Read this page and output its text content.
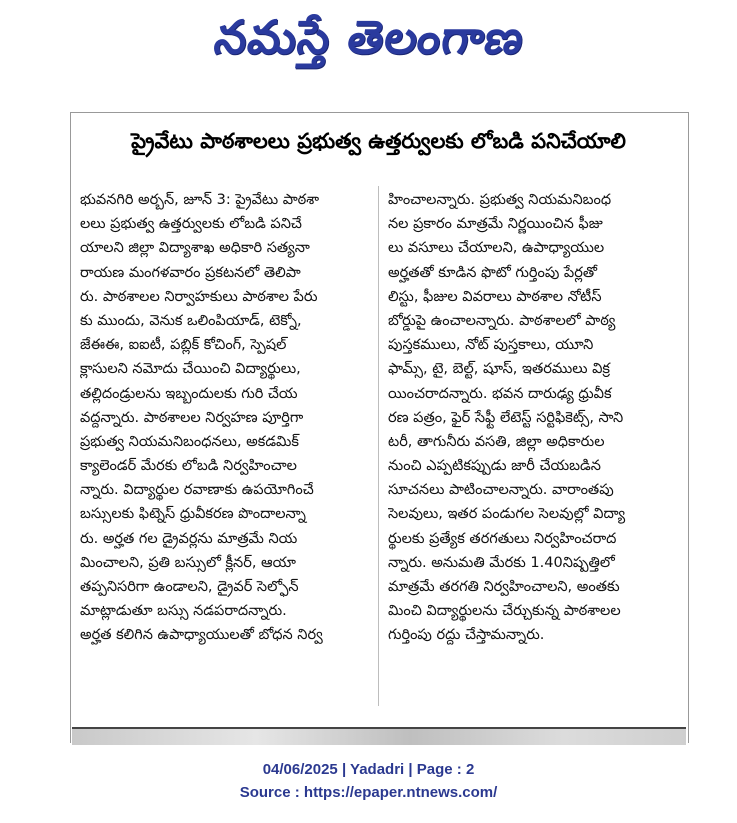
నమస్తే తెలంగాణ
ప్రైవేటు పాఠశాలలు ప్రభుత్వ ఉత్తర్వులకు లోబడి పనిచేయాలి
భువనగిరి అర్బన్, జూన్ 3: ప్రైవేటు పాఠశా
లలు ప్రభుత్వ ఉత్తర్వులకు లోబడి పనిచే
యాలని జిల్లా విద్యాశాఖ అధికారి సత్యనా
రాయణ మంగళవారం ప్రకటనలో తెలిపా
రు. పాఠశాలల నిర్వాహకులు పాఠశాల పేరు
కు ముందు, వెనుక ఒలింపియాడ్, టెక్నో,
జేఈఈ, ఐఐటీ, పబ్లిక్ కోచింగ్, స్పెషల్
క్లాసులని నమోదు చేయించి విద్యార్థులు,
తల్లిదండ్రులను ఇబ్బందులకు గురి చేయ
వద్దన్నారు. పాఠశాలల నిర్వహణ పూర్తిగా
ప్రభుత్వ నియమనిబంధనలు, అకడమిక్
క్యాలెండర్ మేరకు లోబడి నిర్వహించాల
న్నారు. విద్యార్థుల రవాణాకు ఉపయోగించే
బస్సులకు ఫిట్నెస్ ధ్రువీకరణ పొందాలన్నా
రు. అర్హత గల డ్రైవర్లను మాత్రమే నియ
మించాలని, ప్రతి బస్సులో క్లీనర్, ఆయా
తప్పనిసరిగా ఉండాలని, డ్రైవర్ సెల్ఫోన్
మాట్లాడుతూ బస్సు నడపరాదన్నారు.
అర్హత కలిగిన ఉపాధ్యాయులతో బోధన నిర్వ
హించాలన్నారు. ప్రభుత్వ నియమనిబంధ
నల ప్రకారం మాత్రమే నిర్ణయించిన ఫీజు
లు వసూలు చేయాలని, ఉపాధ్యాయుల
అర్హతతో కూడిన ఫొటో గుర్తింపు పేర్లతో
లిస్టు, ఫీజుల వివరాలు పాఠశాల నోటీస్
బోర్డుపై ఉంచాలన్నారు. పాఠశాలలో పాఠ్య
పుస్తకములు, నోట్ పుస్తకాలు, యూని
ఫామ్స్, టై, బెల్ట్, షూస్, ఇతరములు విక్ర
యించరాదన్నారు. భవన దారుఢ్య ధ్రువీక
రణ పత్రం, ఫైర్ సేఫ్టీ లేటెస్ట్ సర్టిఫికెట్స్, సాని
టరీ, తాగునీరు వసతి, జిల్లా అధికారుల
నుంచి ఎప్పటికప్పుడు జారీ చేయబడిన
సూచనలు పాటించాలన్నారు. వారాంతపు
సెలవులు, ఇతర పండుగల సెలవుల్లో విద్యా
ర్థులకు ప్రత్యేక తరగతులు నిర్వహించరాద
న్నారు. అనుమతి మేరకు 1.40నిష్పత్తిలో
మాత్రమే తరగతి నిర్వహించాలని, అంతకు
మించి విద్యార్థులను చేర్చుకున్న పాఠశాలల
గుర్తింపు రద్దు చేస్తామన్నారు.
04/06/2025 | Yadadri | Page : 2
Source : https://epaper.ntnews.com/
